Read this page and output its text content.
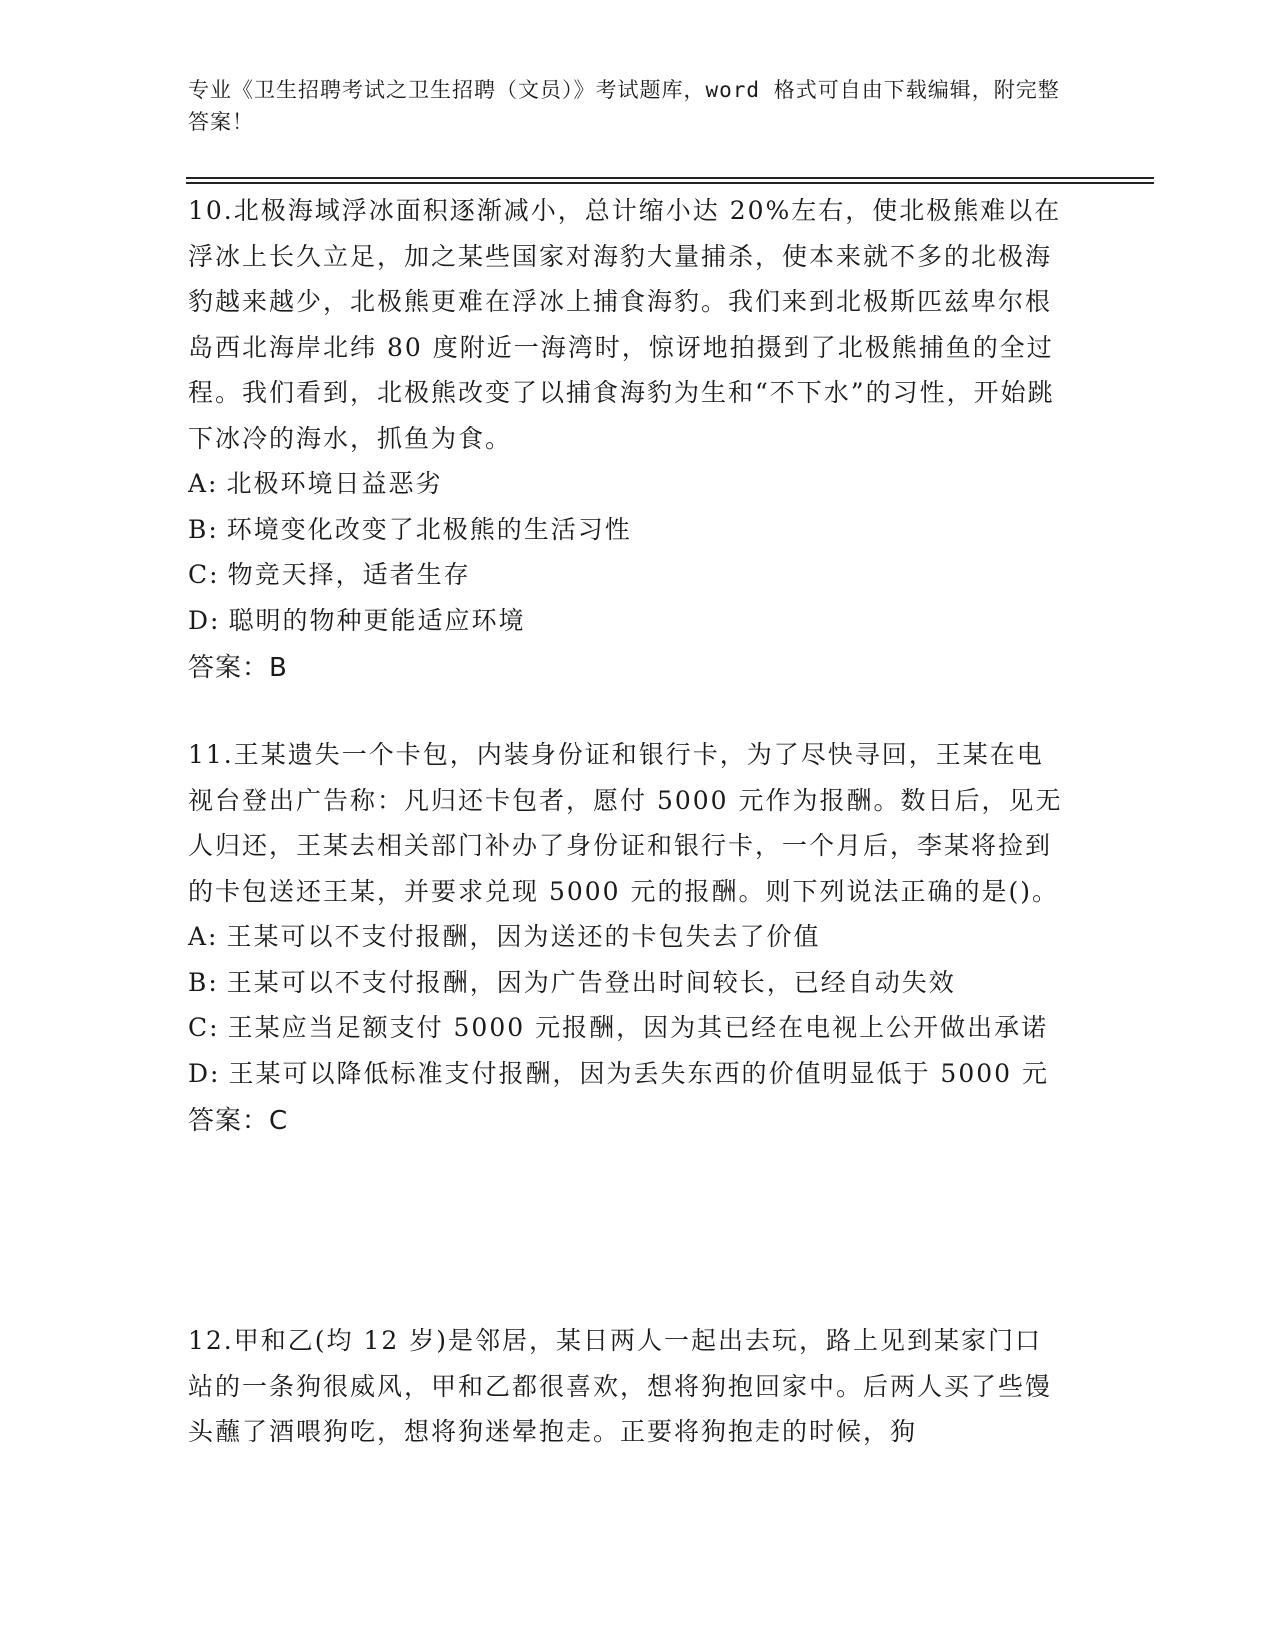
专业《卫生招聘考试之卫生招聘（文员）》考试题库，word 格式可自由下载编辑，附完整答案！

10.北极海域浮冰面积逐渐减小，总计缩小达 20%左右，使北极熊难以在浮冰上长久立足，加之某些国家对海豹大量捕杀，使本来就不多的北极海豹越来越少，北极熊更难在浮冰上捕食海豹。我们来到北极斯匹兹卑尔根岛西北海岸北纬 80 度附近一海湾时，惊讶地拍摄到了北极熊捕鱼的全过程。我们看到，北极熊改变了以捕食海豹为生和“不下水”的习性，开始跳下冰冷的海水，抓鱼为食。

A: 北极环境日益恶劣

B: 环境变化改变了北极熊的生活习性

C: 物竞天择，适者生存

D: 聪明的物种更能适应环境

答案：B

11.王某遗失一个卡包，内装身份证和银行卡，为了尽快寻回，王某在电视台登出广告称：凡归还卡包者，愿付 5000 元作为报酬。数日后，见无人归还，王某去相关部门补办了身份证和银行卡，一个月后，李某将捡到的卡包送还王某，并要求兑现 5000 元的报酬。则下列说法正确的是()。

A: 王某可以不支付报酬，因为送还的卡包失去了价值

B: 王某可以不支付报酬，因为广告登出时间较长，已经自动失效

C: 王某应当足额支付 5000 元报酬，因为其已经在电视上公开做出承诺

D: 王某可以降低标准支付报酬，因为丢失东西的价值明显低于 5000 元

答案：C

12.甲和乙(均 12 岁)是邻居，某日两人一起出去玩，路上见到某家门口站的一条狗很威风，甲和乙都很喜欢，想将狗抱回家中。后两人买了些馒头蘸了酒喂狗吃，想将狗迷晕抱走。正要将狗抱走的时候，狗
